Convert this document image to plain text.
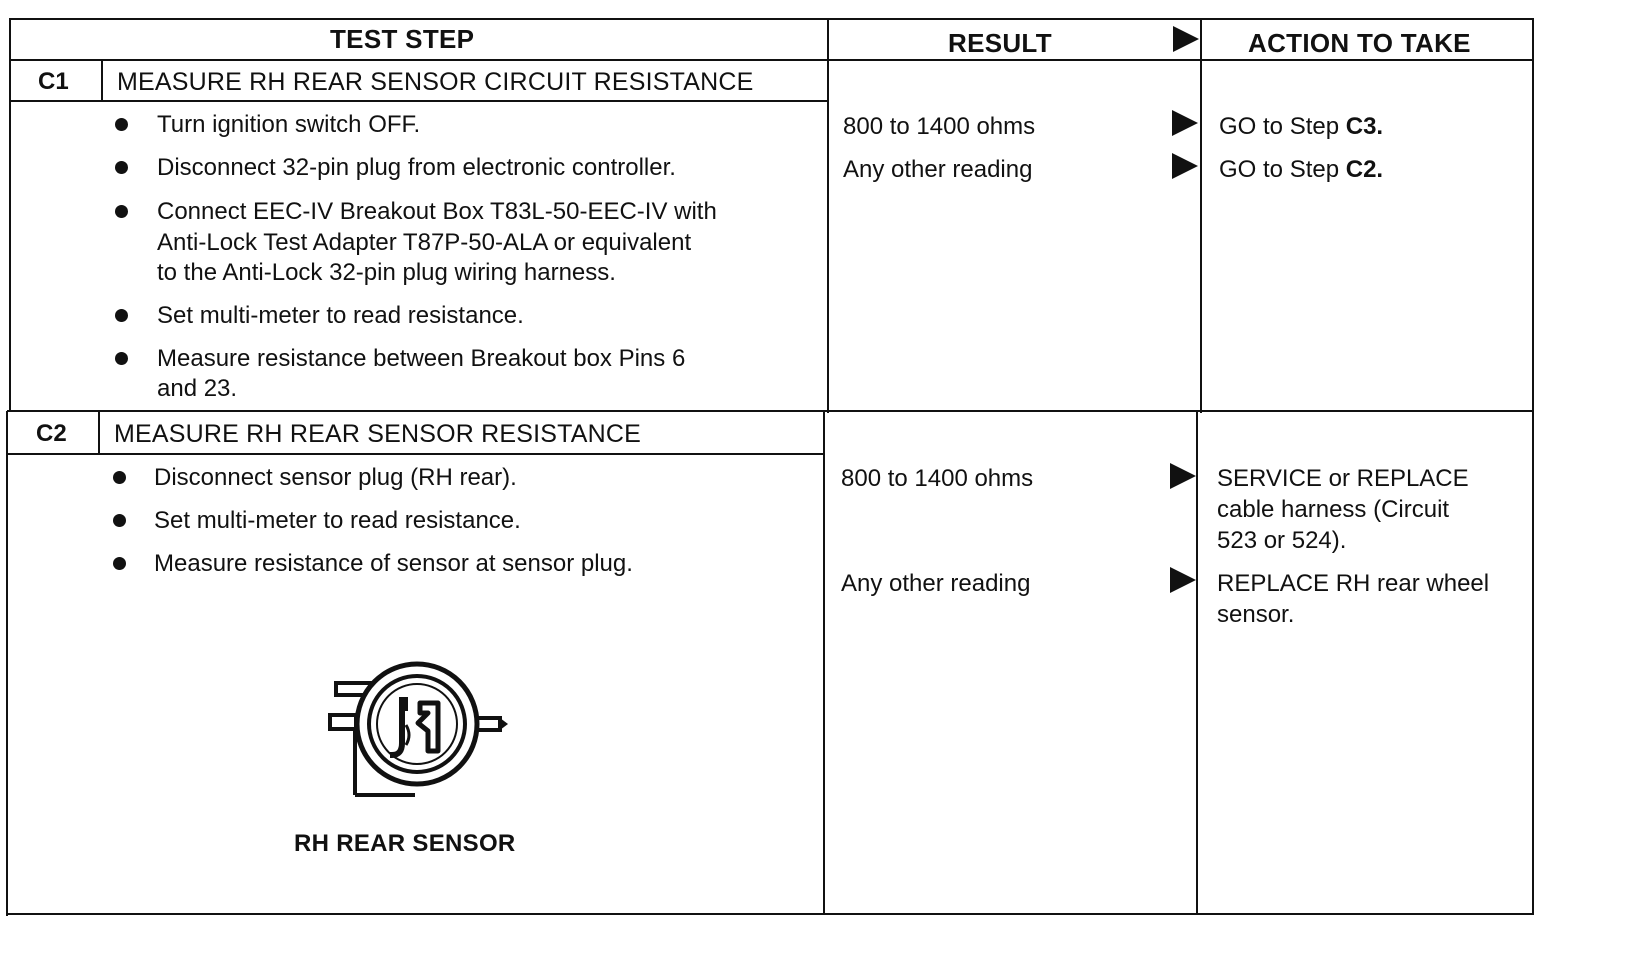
TEST STEP	RESULT	ACTION TO TAKE
C1 MEASURE RH REAR SENSOR CIRCUIT RESISTANCE
Turn ignition switch OFF.
Disconnect 32-pin plug from electronic controller.
Connect EEC-IV Breakout Box T83L-50-EEC-IV with
Anti-Lock Test Adapter T87P-50-ALA or equivalent
to the Anti-Lock 32-pin plug wiring harness.
Set multi-meter to read resistance.
Measure resistance between Breakout box Pins 6
and 23.
800 to 1400 ohms	GO to Step C3.
Any other reading	GO to Step C2.
C2 MEASURE RH REAR SENSOR RESISTANCE
Disconnect sensor plug (RH rear).
Set multi-meter to read resistance.
Measure resistance of sensor at sensor plug.
800 to 1400 ohms	SERVICE or REPLACE
cable harness (Circuit
523 or 524).
Any other reading	REPLACE RH rear wheel
sensor.
RH REAR SENSOR
